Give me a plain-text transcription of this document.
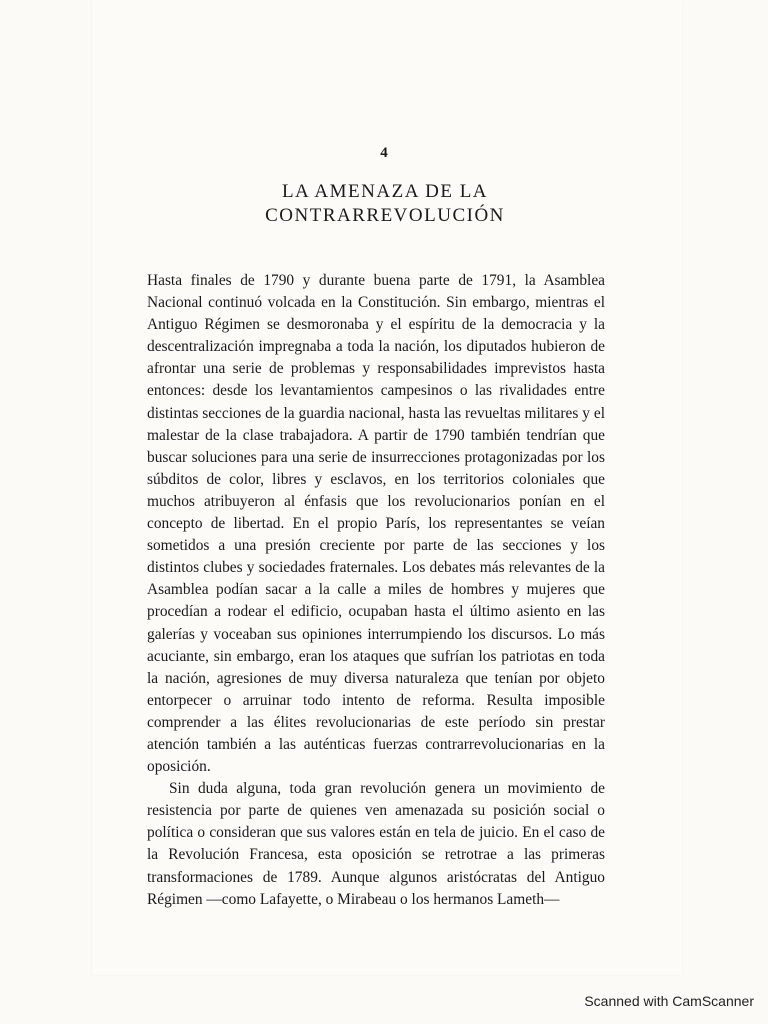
4
LA AMENAZA DE LA
CONTRARREVOLUCIÓN

Hasta finales de 1790 y durante buena parte de 1791, la Asamblea Nacional continuó volcada en la Constitución. Sin embargo, mientras el Antiguo Régimen se desmoronaba y el espíritu de la democracia y la descentralización impregnaba a toda la nación, los diputados hubieron de afrontar una serie de problemas y responsabilidades imprevistos hasta entonces: desde los levantamientos campesinos o las rivalidades entre distintas secciones de la guardia nacional, hasta las revueltas militares y el malestar de la clase trabajadora. A partir de 1790 también tendrían que buscar soluciones para una serie de insurrecciones protagonizadas por los súbditos de color, libres y esclavos, en los territorios coloniales que muchos atribuyeron al énfasis que los revolucionarios ponían en el concepto de libertad. En el propio París, los representantes se veían sometidos a una presión creciente por parte de las secciones y los distintos clubes y sociedades fraternales. Los debates más relevantes de la Asamblea podían sacar a la calle a miles de hombres y mujeres que procedían a rodear el edificio, ocupaban hasta el último asiento en las galerías y voceaban sus opiniones interrumpiendo los discursos. Lo más acuciante, sin embargo, eran los ataques que sufrían los patriotas en toda la nación, agresiones de muy diversa naturaleza que tenían por objeto entorpecer o arruinar todo intento de reforma. Resulta imposible comprender a las élites revolucionarias de este período sin prestar atención también a las auténticas fuerzas contrarrevolucionarias en la oposición.

Sin duda alguna, toda gran revolución genera un movimiento de resistencia por parte de quienes ven amenazada su posición social o política o consideran que sus valores están en tela de juicio. En el caso de la Revolución Francesa, esta oposición se retrotrae a las primeras transformaciones de 1789. Aunque algunos aristócratas del Antiguo Régimen —como Lafayette, o Mirabeau o los hermanos Lameth—

Scanned with CamScanner
